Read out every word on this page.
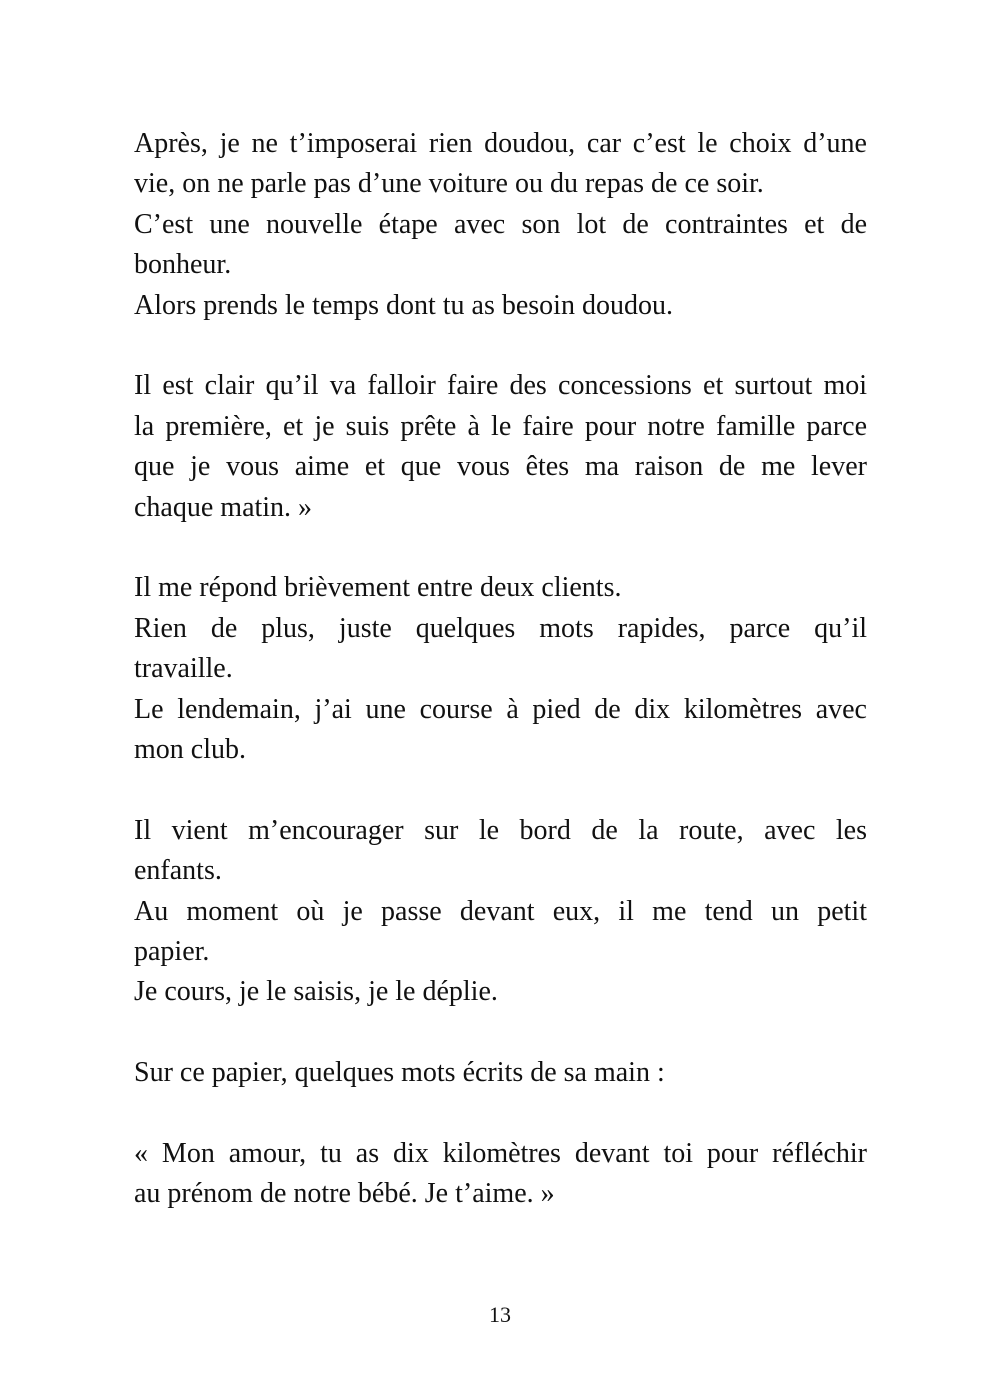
Après, je ne t’imposerai rien doudou, car c’est le choix d’une
vie, on ne parle pas d’une voiture ou du repas de ce soir.
C’est une nouvelle étape avec son lot de contraintes et de
bonheur.
Alors prends le temps dont tu as besoin doudou.
Il est clair qu’il va falloir faire des concessions et surtout moi
la première, et je suis prête à le faire pour notre famille parce
que je vous aime et que vous êtes ma raison de me lever
chaque matin. »
Il me répond brièvement entre deux clients.
Rien de plus, juste quelques mots rapides, parce qu’il
travaille.
Le lendemain, j’ai une course à pied de dix kilomètres avec
mon club.
Il vient m’encourager sur le bord de la route, avec les
enfants.
Au moment où je passe devant eux, il me tend un petit
papier.
Je cours, je le saisis, je le déplie.
Sur ce papier, quelques mots écrits de sa main :
« Mon amour, tu as dix kilomètres devant toi pour réfléchir
au prénom de notre bébé. Je t’aime. »
13
